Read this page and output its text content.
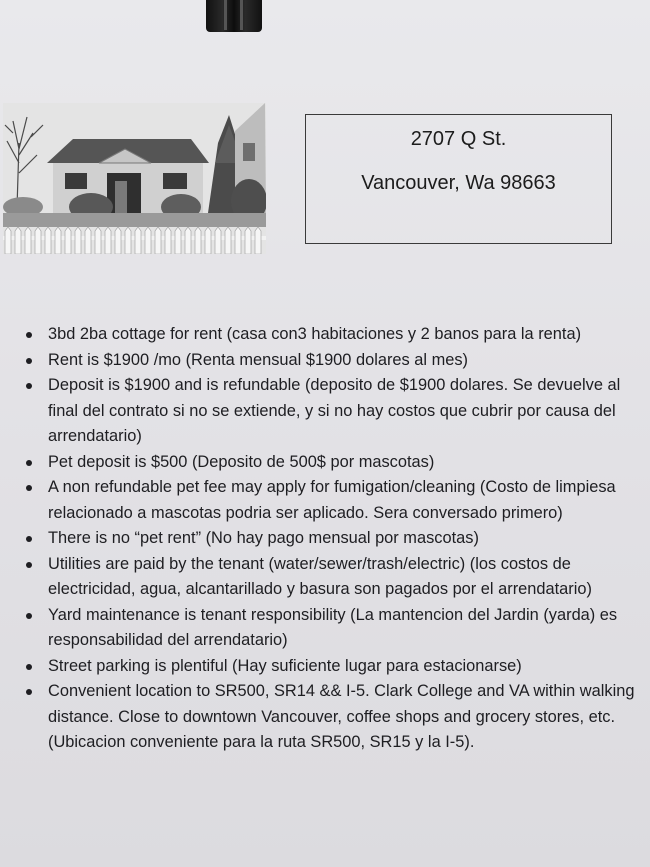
2707 Q St.
Vancouver, Wa 98663
3bd 2ba cottage for rent (casa con3 habitaciones y 2 banos para la renta)
Rent is $1900 /mo (Renta mensual $1900 dolares al mes)
Deposit is $1900 and is refundable (deposito de $1900 dolares. Se devuelve al final del contrato si no se extiende, y si no hay costos que cubrir por causa del arrendatario)
Pet deposit is $500 (Deposito de 500$ por mascotas)
A non refundable pet fee may apply for fumigation/cleaning (Costo de limpiesa relacionado a mascotas podria ser aplicado. Sera conversado primero)
There is no “pet rent” (No hay pago mensual por mascotas)
Utilities are paid by the tenant (water/sewer/trash/electric) (los costos de electricidad, agua, alcantarillado y basura son pagados por el arrendatario)
Yard maintenance is tenant responsibility (La mantencion del Jardin (yarda) es responsabilidad del arrendatario)
Street parking is plentiful (Hay suficiente lugar para estacionarse)
Convenient location to SR500, SR14 && I-5. Clark College and VA within walking distance. Close to downtown Vancouver, coffee shops and grocery stores, etc. (Ubicacion conveniente para la ruta SR500, SR15 y la I-5).
